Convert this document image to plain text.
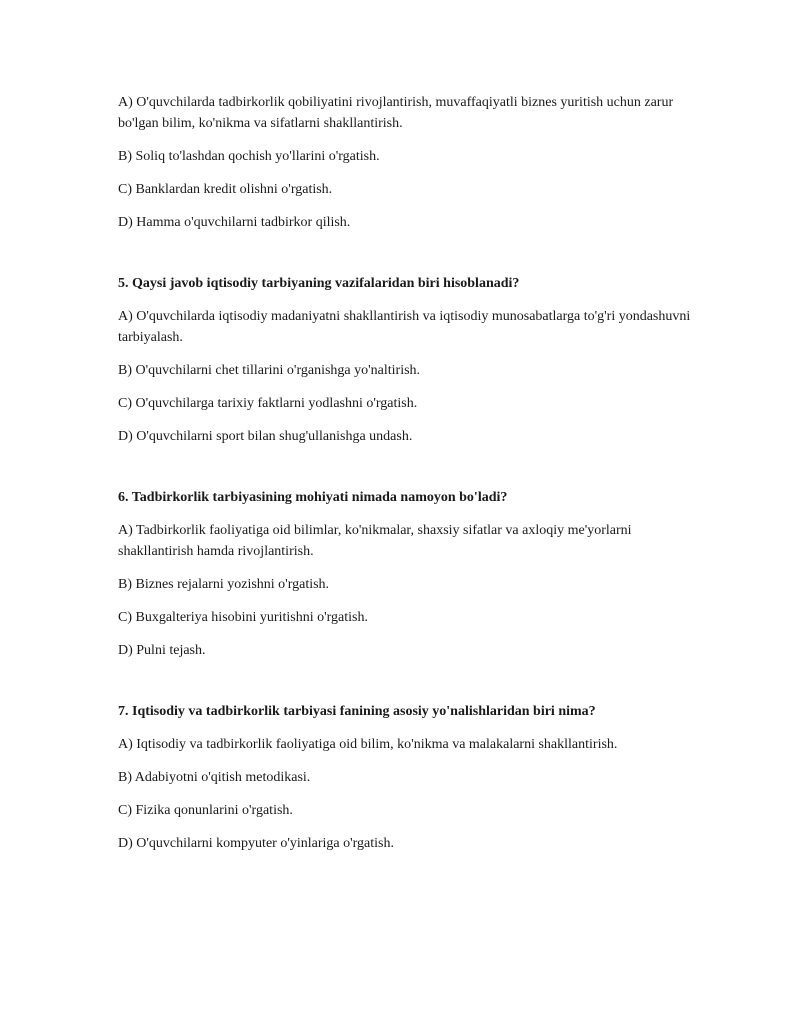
A) O'quvchilarda tadbirkorlik qobiliyatini rivojlantirish, muvaffaqiyatli biznes yuritish uchun zarur bo'lgan bilim, ko'nikma va sifatlarni shakllantirish.

B) Soliq to'lashdan qochish yo'llarini o'rgatish.

C) Banklardan kredit olishni o'rgatish.

D) Hamma o'quvchilarni tadbirkor qilish.

5. Qaysi javob iqtisodiy tarbiyaning vazifalaridan biri hisoblanadi?

A) O'quvchilarda iqtisodiy madaniyatni shakllantirish va iqtisodiy munosabatlarga to'g'ri yondashuvni tarbiyalash.

B) O'quvchilarni chet tillarini o'rganishga yo'naltirish.

C) O'quvchilarga tarixiy faktlarni yodlashni o'rgatish.

D) O'quvchilarni sport bilan shug'ullanishga undash.

6. Tadbirkorlik tarbiyasining mohiyati nimada namoyon bo'ladi?

A) Tadbirkorlik faoliyatiga oid bilimlar, ko'nikmalar, shaxsiy sifatlar va axloqiy me'yorlarni shakllantirish hamda rivojlantirish.

B) Biznes rejalarni yozishni o'rgatish.

C) Buxgalteriya hisobini yuritishni o'rgatish.

D) Pulni tejash.

7. Iqtisodiy va tadbirkorlik tarbiyasi fanining asosiy yo'nalishlaridan biri nima?

A) Iqtisodiy va tadbirkorlik faoliyatiga oid bilim, ko'nikma va malakalarni shakllantirish.

B) Adabiyotni o'qitish metodikasi.

C) Fizika qonunlarini o'rgatish.

D) O'quvchilarni kompyuter o'yinlariga o'rgatish.
